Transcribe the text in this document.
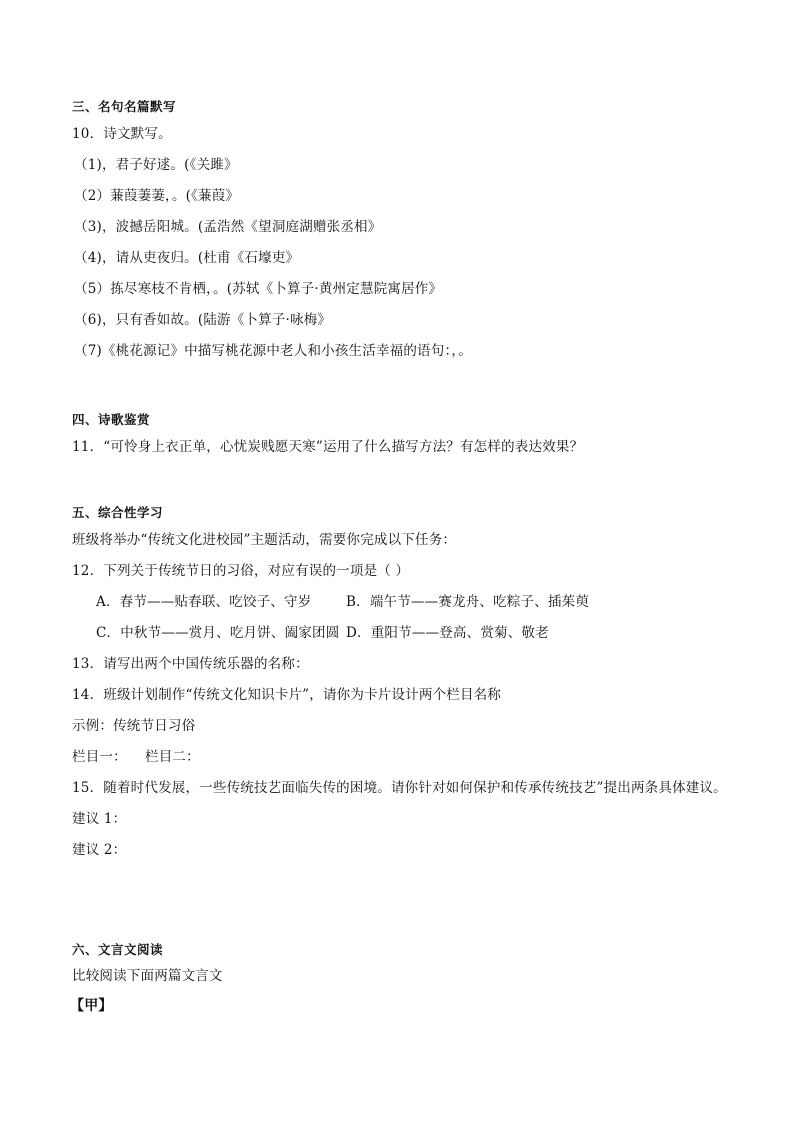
三、名句名篇默写
10．诗文默写。
（1)，君子好逑。(《关雎》
（2）蒹葭萋萋，。(《蒹葭》
（3)，波撼岳阳城。(孟浩然《望洞庭湖赠张丞相》
（4)，请从吏夜归。(杜甫《石壕吏》
（5）拣尽寒枝不肯栖，。(苏轼《卜算子·黄州定慧院寓居作》
（6)，只有香如故。(陆游《卜算子·咏梅》
（7)《桃花源记》中描写桃花源中老人和小孩生活幸福的语句：，。
四、诗歌鉴赏
11．“可怜身上衣正单，心忧炭贱愿天寒”运用了什么描写方法？有怎样的表达效果？
五、综合性学习
班级将举办“传统文化进校园”主题活动，需要你完成以下任务：
12．下列关于传统节日的习俗，对应有误的一项是（ ）
A．春节——贴春联、吃饺子、守岁	B．端午节——赛龙舟、吃粽子、插茱萸
C．中秋节——赏月、吃月饼、阖家团圆 D．重阳节——登高、赏菊、敬老
13．请写出两个中国传统乐器的名称：
14．班级计划制作“传统文化知识卡片”，请你为卡片设计两个栏目名称
示例：传统节日习俗
栏目一： 栏目二：
15．随着时代发展，一些传统技艺面临失传的困境。请你针对如何保护和传承传统技艺”提出两条具体建议。
建议 1：
建议 2：
六、文言文阅读
比较阅读下面两篇文言文
【甲】
